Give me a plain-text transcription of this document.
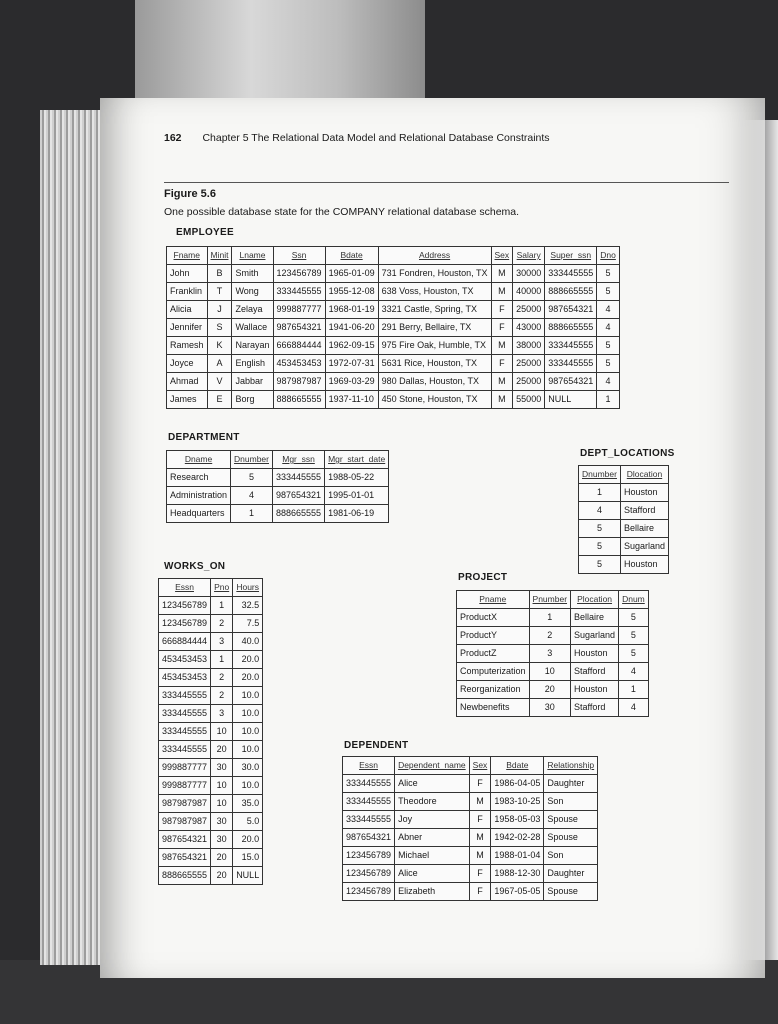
162 Chapter 5 The Relational Data Model and Relational Database Constraints
Figure 5.6
One possible database state for the COMPANY relational database schema.
EMPLOYEE
Fname	Minit	Lname	Ssn	Bdate	Address	Sex	Salary	Super_ssn	Dno
John	B	Smith	123456789	1965-01-09	731 Fondren, Houston, TX	M	30000	333445555	5
Franklin	T	Wong	333445555	1955-12-08	638 Voss, Houston, TX	M	40000	888665555	5
Alicia	J	Zelaya	999887777	1968-01-19	3321 Castle, Spring, TX	F	25000	987654321	4
Jennifer	S	Wallace	987654321	1941-06-20	291 Berry, Bellaire, TX	F	43000	888665555	4
Ramesh	K	Narayan	666884444	1962-09-15	975 Fire Oak, Humble, TX	M	38000	333445555	5
Joyce	A	English	453453453	1972-07-31	5631 Rice, Houston, TX	F	25000	333445555	5
Ahmad	V	Jabbar	987987987	1969-03-29	980 Dallas, Houston, TX	M	25000	987654321	4
James	E	Borg	888665555	1937-11-10	450 Stone, Houston, TX	M	55000	NULL	1
DEPARTMENT
Dname	Dnumber	Mgr_ssn	Mgr_start_date
Research	5	333445555	1988-05-22
Administration	4	987654321	1995-01-01
Headquarters	1	888665555	1981-06-19
DEPT_LOCATIONS
Dnumber	Dlocation
1	Houston
4	Stafford
5	Bellaire
5	Sugarland
5	Houston
WORKS_ON
Essn	Pno	Hours
123456789	1	32.5
123456789	2	7.5
666884444	3	40.0
453453453	1	20.0
453453453	2	20.0
333445555	2	10.0
333445555	3	10.0
333445555	10	10.0
333445555	20	10.0
999887777	30	30.0
999887777	10	10.0
987987987	10	35.0
987987987	30	5.0
987654321	30	20.0
987654321	20	15.0
888665555	20	NULL
PROJECT
Pname	Pnumber	Plocation	Dnum
ProductX	1	Bellaire	5
ProductY	2	Sugarland	5
ProductZ	3	Houston	5
Computerization	10	Stafford	4
Reorganization	20	Houston	1
Newbenefits	30	Stafford	4
DEPENDENT
Essn	Dependent_name	Sex	Bdate	Relationship
333445555	Alice	F	1986-04-05	Daughter
333445555	Theodore	M	1983-10-25	Son
333445555	Joy	F	1958-05-03	Spouse
987654321	Abner	M	1942-02-28	Spouse
123456789	Michael	M	1988-01-04	Son
123456789	Alice	F	1988-12-30	Daughter
123456789	Elizabeth	F	1967-05-05	Spouse
